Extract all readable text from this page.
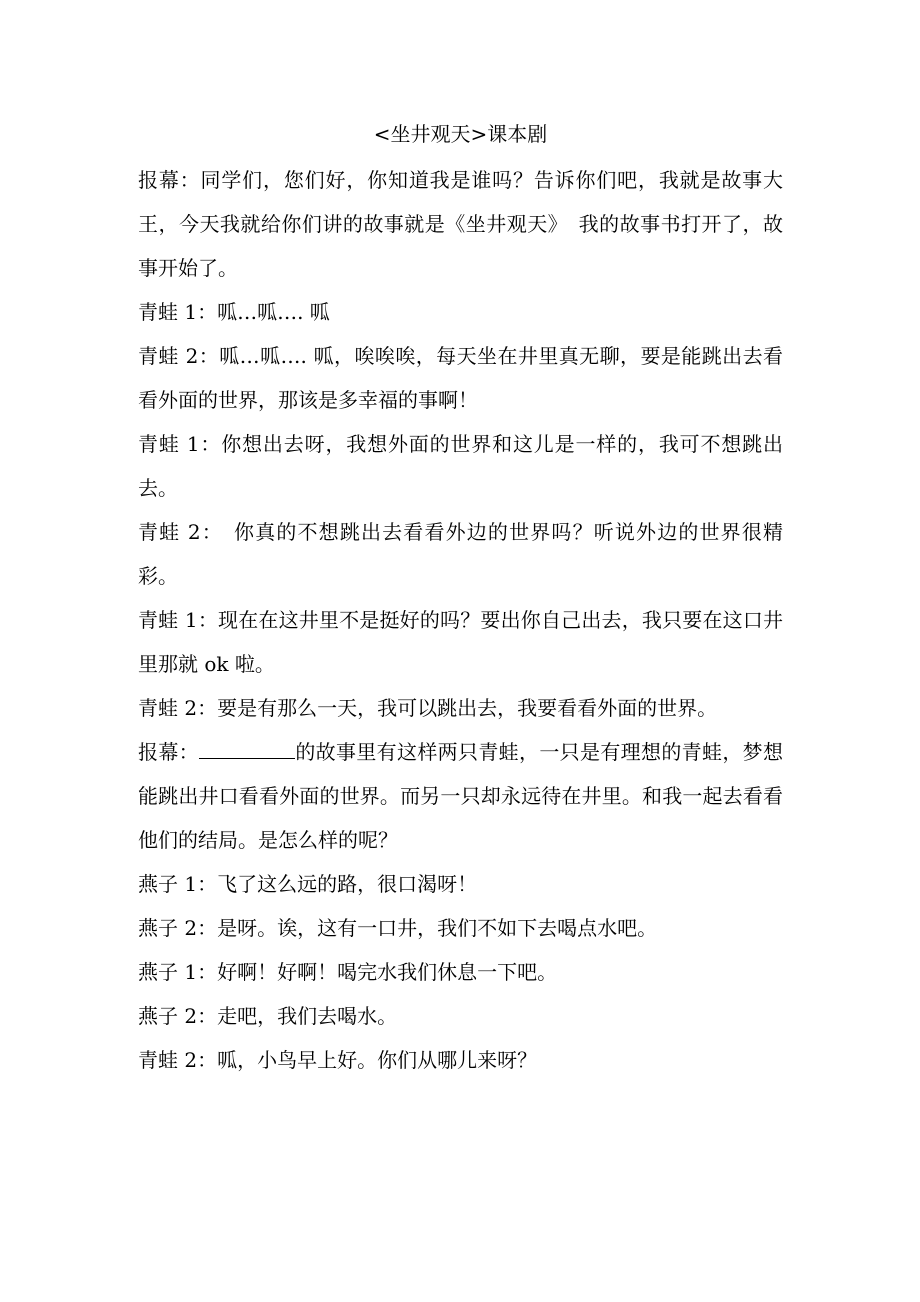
<坐井观天>课本剧

报幕：同学们，您们好，你知道我是谁吗？告诉你们吧，我就是故事大王，今天我就给你们讲的故事就是《坐井观天》　我的故事书打开了，故事开始了。

青蛙 1：呱…呱…. 呱

青蛙 2：呱…呱…. 呱，唉唉唉，每天坐在井里真无聊，要是能跳出去看看外面的世界，那该是多幸福的事啊！

青蛙 1：你想出去呀，我想外面的世界和这儿是一样的，我可不想跳出去。

青蛙 2：　你真的不想跳出去看看外边的世界吗？听说外边的世界很精彩。

青蛙 1：现在在这井里不是挺好的吗？要出你自己出去，我只要在这口井里那就 ok 啦。

青蛙 2：要是有那么一天，我可以跳出去，我要看看外面的世界。

报幕：	的故事里有这样两只青蛙，一只是有理想的青蛙，梦想能跳出井口看看外面的世界。而另一只却永远待在井里。和我一起去看看他们的结局。是怎么样的呢？

燕子 1：飞了这么远的路，很口渴呀！

燕子 2：是呀。诶，这有一口井，我们不如下去喝点水吧。

燕子 1：好啊！好啊！喝完水我们休息一下吧。

燕子 2：走吧，我们去喝水。

青蛙 2：呱，小鸟早上好。你们从哪儿来呀？
